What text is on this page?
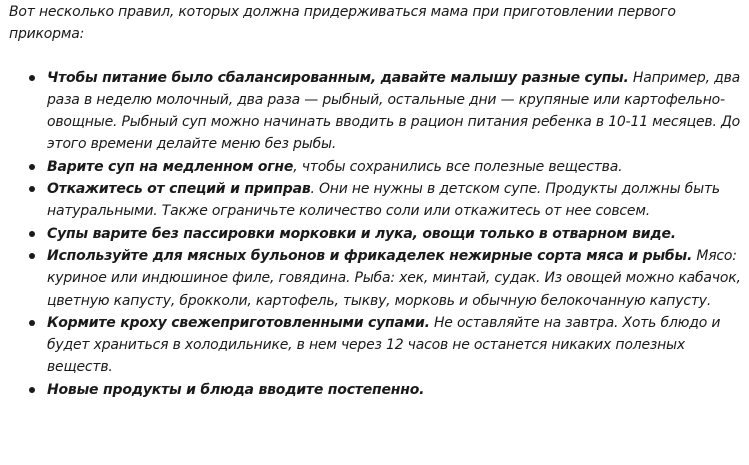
Вот несколько правил, которых должна придерживаться мама при приготовлении первого прикорма:

Чтобы питание было сбалансированным, давайте малышу разные супы. Например, два раза в неделю молочный, два раза — рыбный, остальные дни — крупяные или картофельно-овощные. Рыбный суп можно начинать вводить в рацион питания ребенка в 10-11 месяцев. До этого времени делайте меню без рыбы.
Варите суп на медленном огне, чтобы сохранились все полезные вещества.
Откажитесь от специй и приправ. Они не нужны в детском супе. Продукты должны быть натуральными. Также ограничьте количество соли или откажитесь от нее совсем.
Супы варите без пассировки морковки и лука, овощи только в отварном виде.
Используйте для мясных бульонов и фрикаделек нежирные сорта мяса и рыбы. Мясо: куриное или индюшиное филе, говядина. Рыба: хек, минтай, судак. Из овощей можно кабачок, цветную капусту, брокколи, картофель, тыкву, морковь и обычную белокочанную капусту.
Кормите кроху свежеприготовленными супами. Не оставляйте на завтра. Хоть блюдо и будет храниться в холодильнике, в нем через 12 часов не останется никаких полезных веществ.
Новые продукты и блюда вводите постепенно.
